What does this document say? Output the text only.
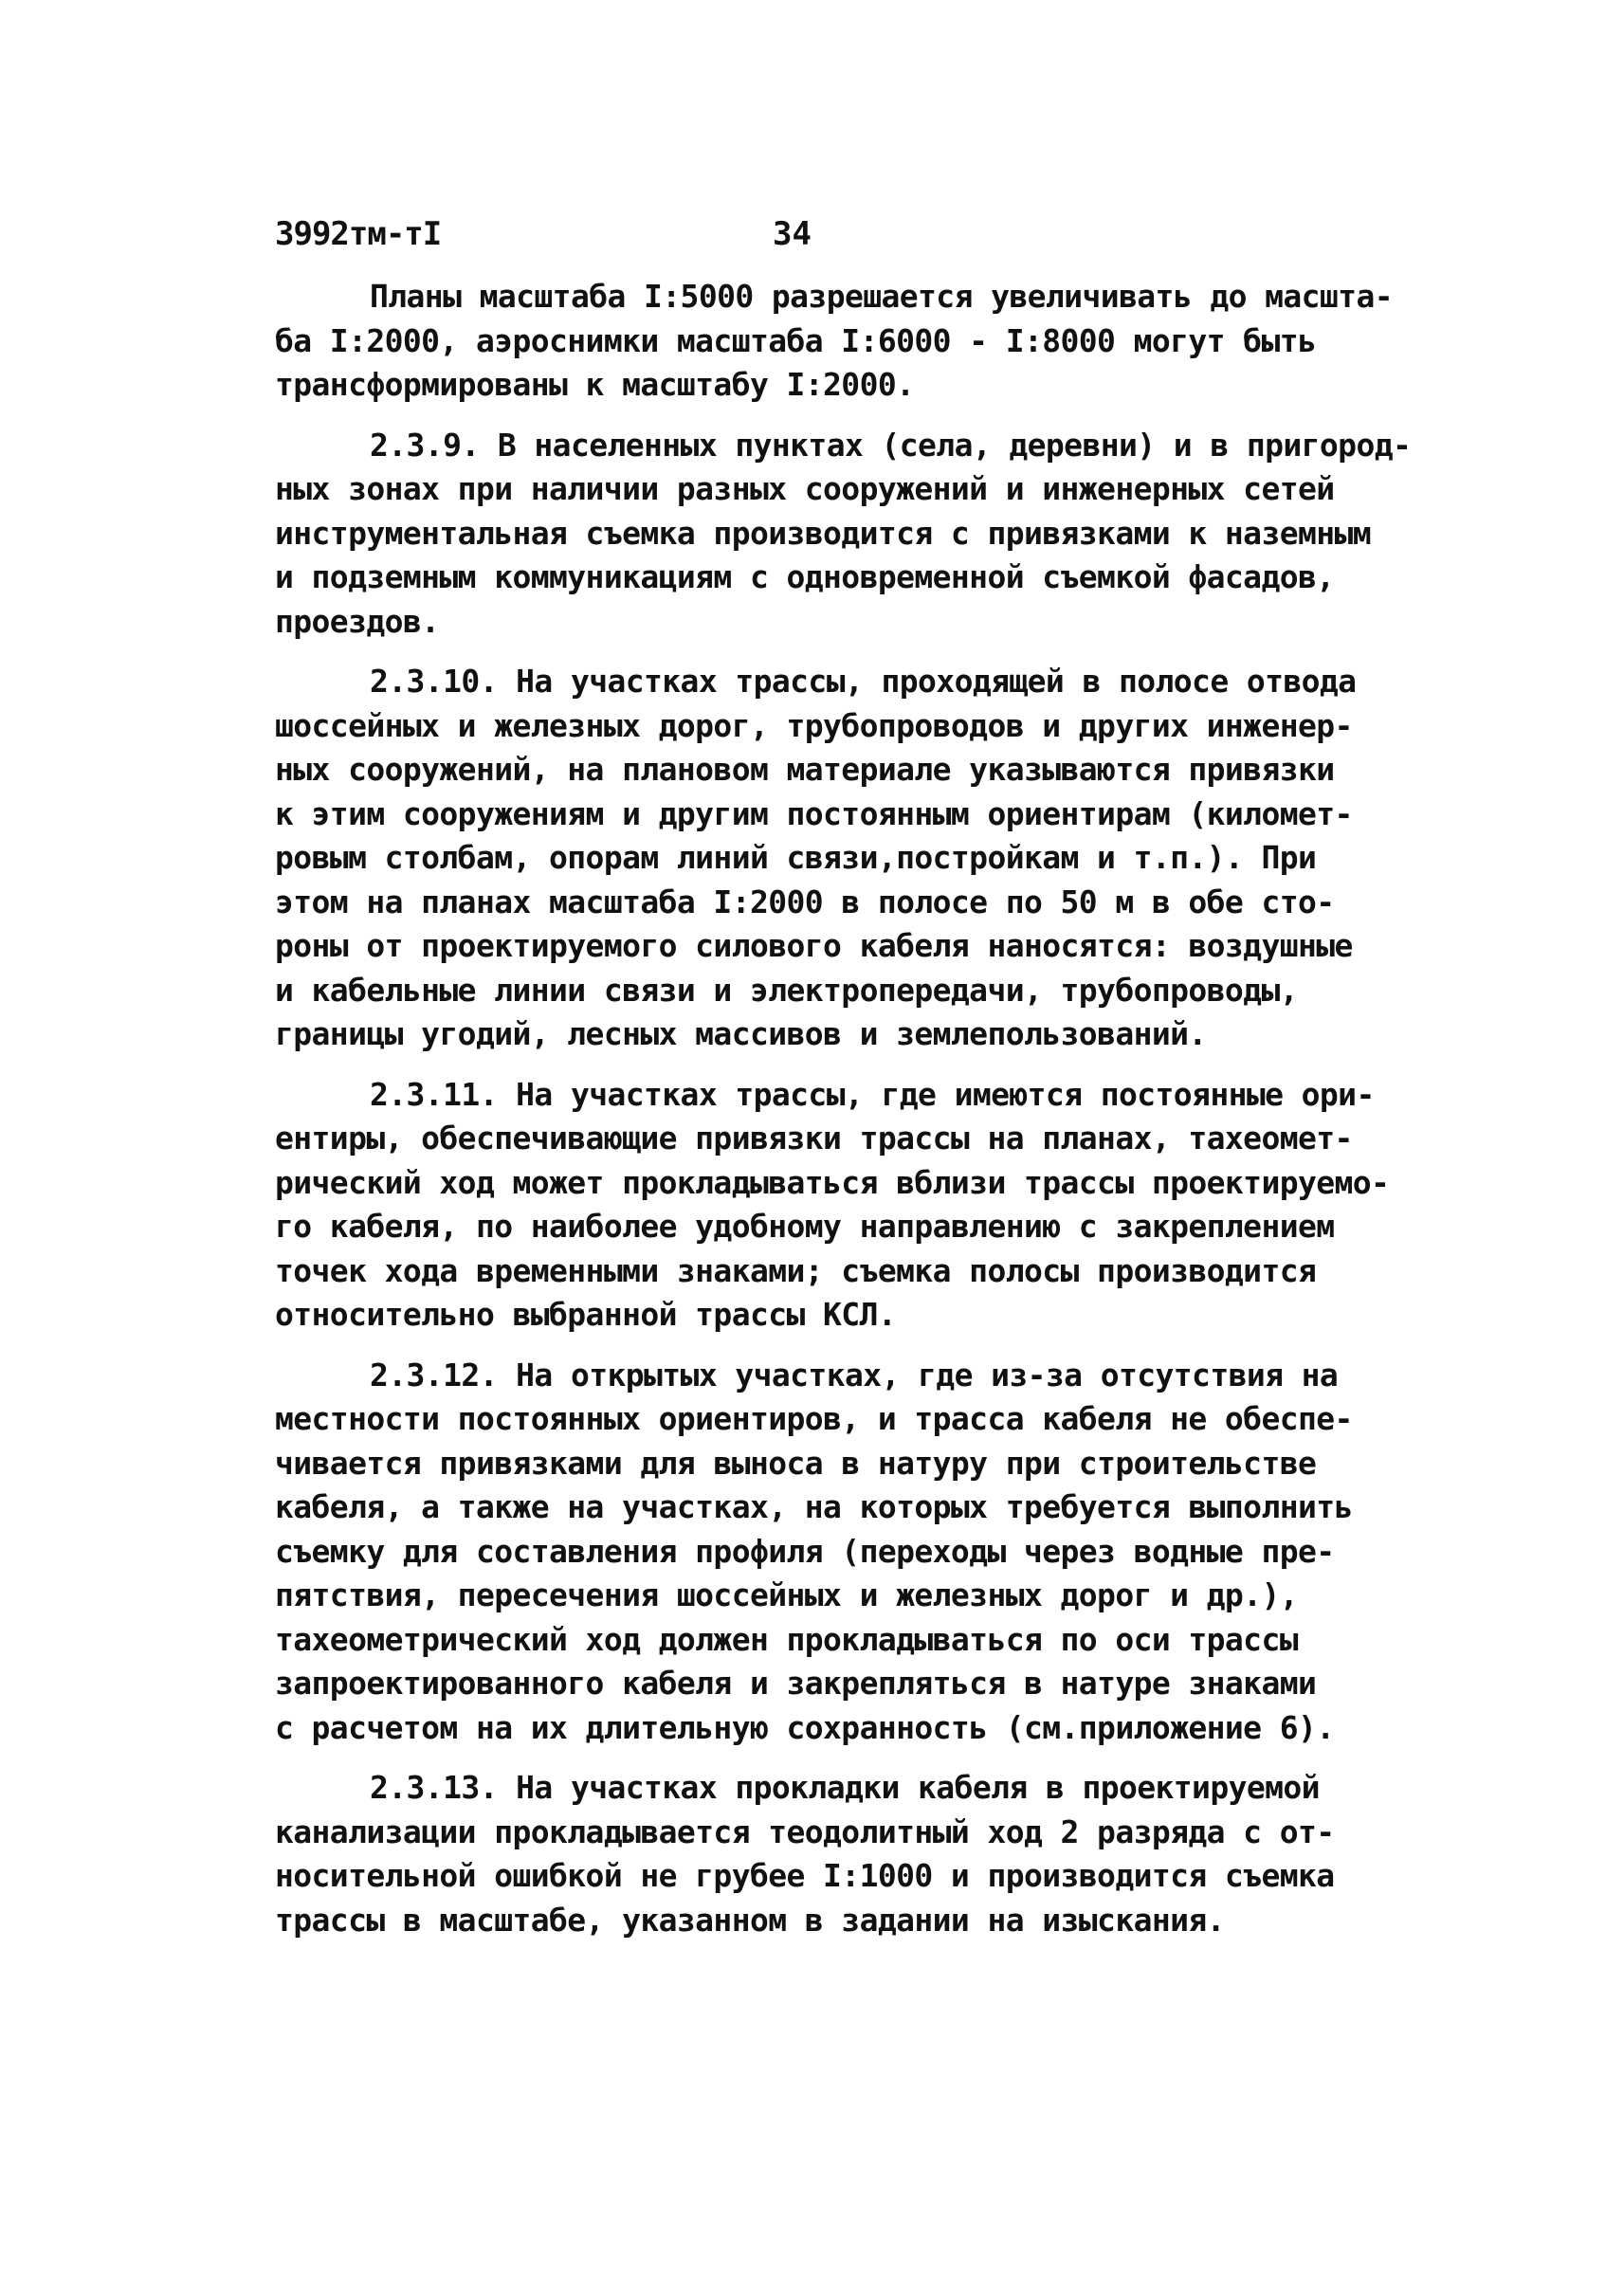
3992тм-тI	34
Планы масштаба I:5000 разрешается увеличивать до масшта-
ба I:2000, аэроснимки масштаба I:6000 - I:8000 могут быть
трансформированы к масштабу I:2000.
2.3.9. В населенных пунктах (села, деревни) и в пригород-
ных зонах при наличии разных сооружений и инженерных сетей
инструментальная съемка производится с привязками к наземным
и подземным коммуникациям с одновременной съемкой фасадов,
проездов.
2.3.10. На участках трассы, проходящей в полосе отвода
шоссейных и железных дорог, трубопроводов и других инженер-
ных сооружений, на плановом материале указываются привязки
к этим сооружениям и другим постоянным ориентирам (километ-
ровым столбам, опорам линий связи,постройкам и т.п.). При
этом на планах масштаба I:2000 в полосе по 50 м в обе сто-
роны от проектируемого силового кабеля наносятся: воздушные
и кабельные линии связи и электропередачи, трубопроводы,
границы угодий, лесных массивов и землепользований.
2.3.11. На участках трассы, где имеются постоянные ори-
ентиры, обеспечивающие привязки трассы на планах, тахеомет-
рический ход может прокладываться вблизи трассы проектируемо-
го кабеля, по наиболее удобному направлению с закреплением
точек хода временными знаками; съемка полосы производится
относительно выбранной трассы КСЛ.
2.3.12. На открытых участках, где из-за отсутствия на
местности постоянных ориентиров, и трасса кабеля не обеспе-
чивается привязками для выноса в натуру при строительстве
кабеля, а также на участках, на которых требуется выполнить
съемку для составления профиля (переходы через водные пре-
пятствия, пересечения шоссейных и железных дорог и др.),
тахеометрический ход должен прокладываться по оси трассы
запроектированного кабеля и закрепляться в натуре знаками
с расчетом на их длительную сохранность (см.приложение 6).
2.3.13. На участках прокладки кабеля в проектируемой
канализации прокладывается теодолитный ход 2 разряда с от-
носительной ошибкой не грубее I:1000 и производится съемка
трассы в масштабе, указанном в задании на изыскания.
